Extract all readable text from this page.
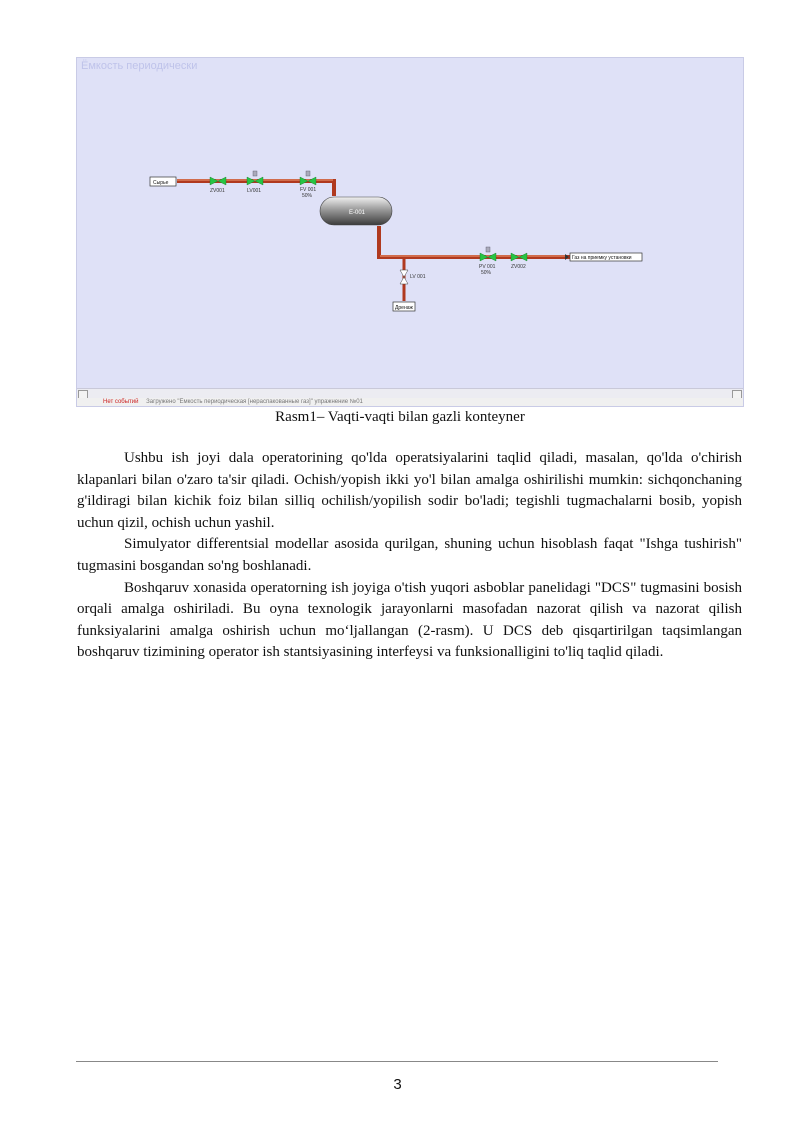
Ёмкость периодически
Сырье
ZV001	LV001	FV 001
50%
E-001
LV 001
Дренаж
PV 001
50%
ZV002
Газ на приемку установки
Нет событий Загружено "Ёмкость периодическая [нераспакованные газ]" упражнение №01
Rasm1– Vaqti-vaqti bilan gazli konteyner

Ushbu ish joyi dala operatorining qo'lda operatsiyalarini taqlid qiladi, masalan, qo'lda o'chirish klapanlari bilan o'zaro ta'sir qiladi. Ochish/yopish ikki yo'l bilan amalga oshirilishi mumkin: sichqonchaning g'ildiragi bilan kichik foiz bilan silliq ochilish/yopilish sodir bo'ladi; tegishli tugmachalarni bosib, yopish uchun qizil, ochish uchun yashil.

Simulyator differentsial modellar asosida qurilgan, shuning uchun hisoblash faqat "Ishga tushirish" tugmasini bosgandan so'ng boshlanadi.

Boshqaruv xonasida operatorning ish joyiga o'tish yuqori asboblar panelidagi "DCS" tugmasini bosish orqali amalga oshiriladi. Bu oyna texnologik jarayonlarni masofadan nazorat qilish va nazorat qilish funksiyalarini amalga oshirish uchun mo‘ljallangan (2-rasm). U DCS deb qisqartirilgan taqsimlangan boshqaruv tizimining operator ish stantsiyasining interfeysi va funksionalligini to'liq taqlid qiladi.

3
